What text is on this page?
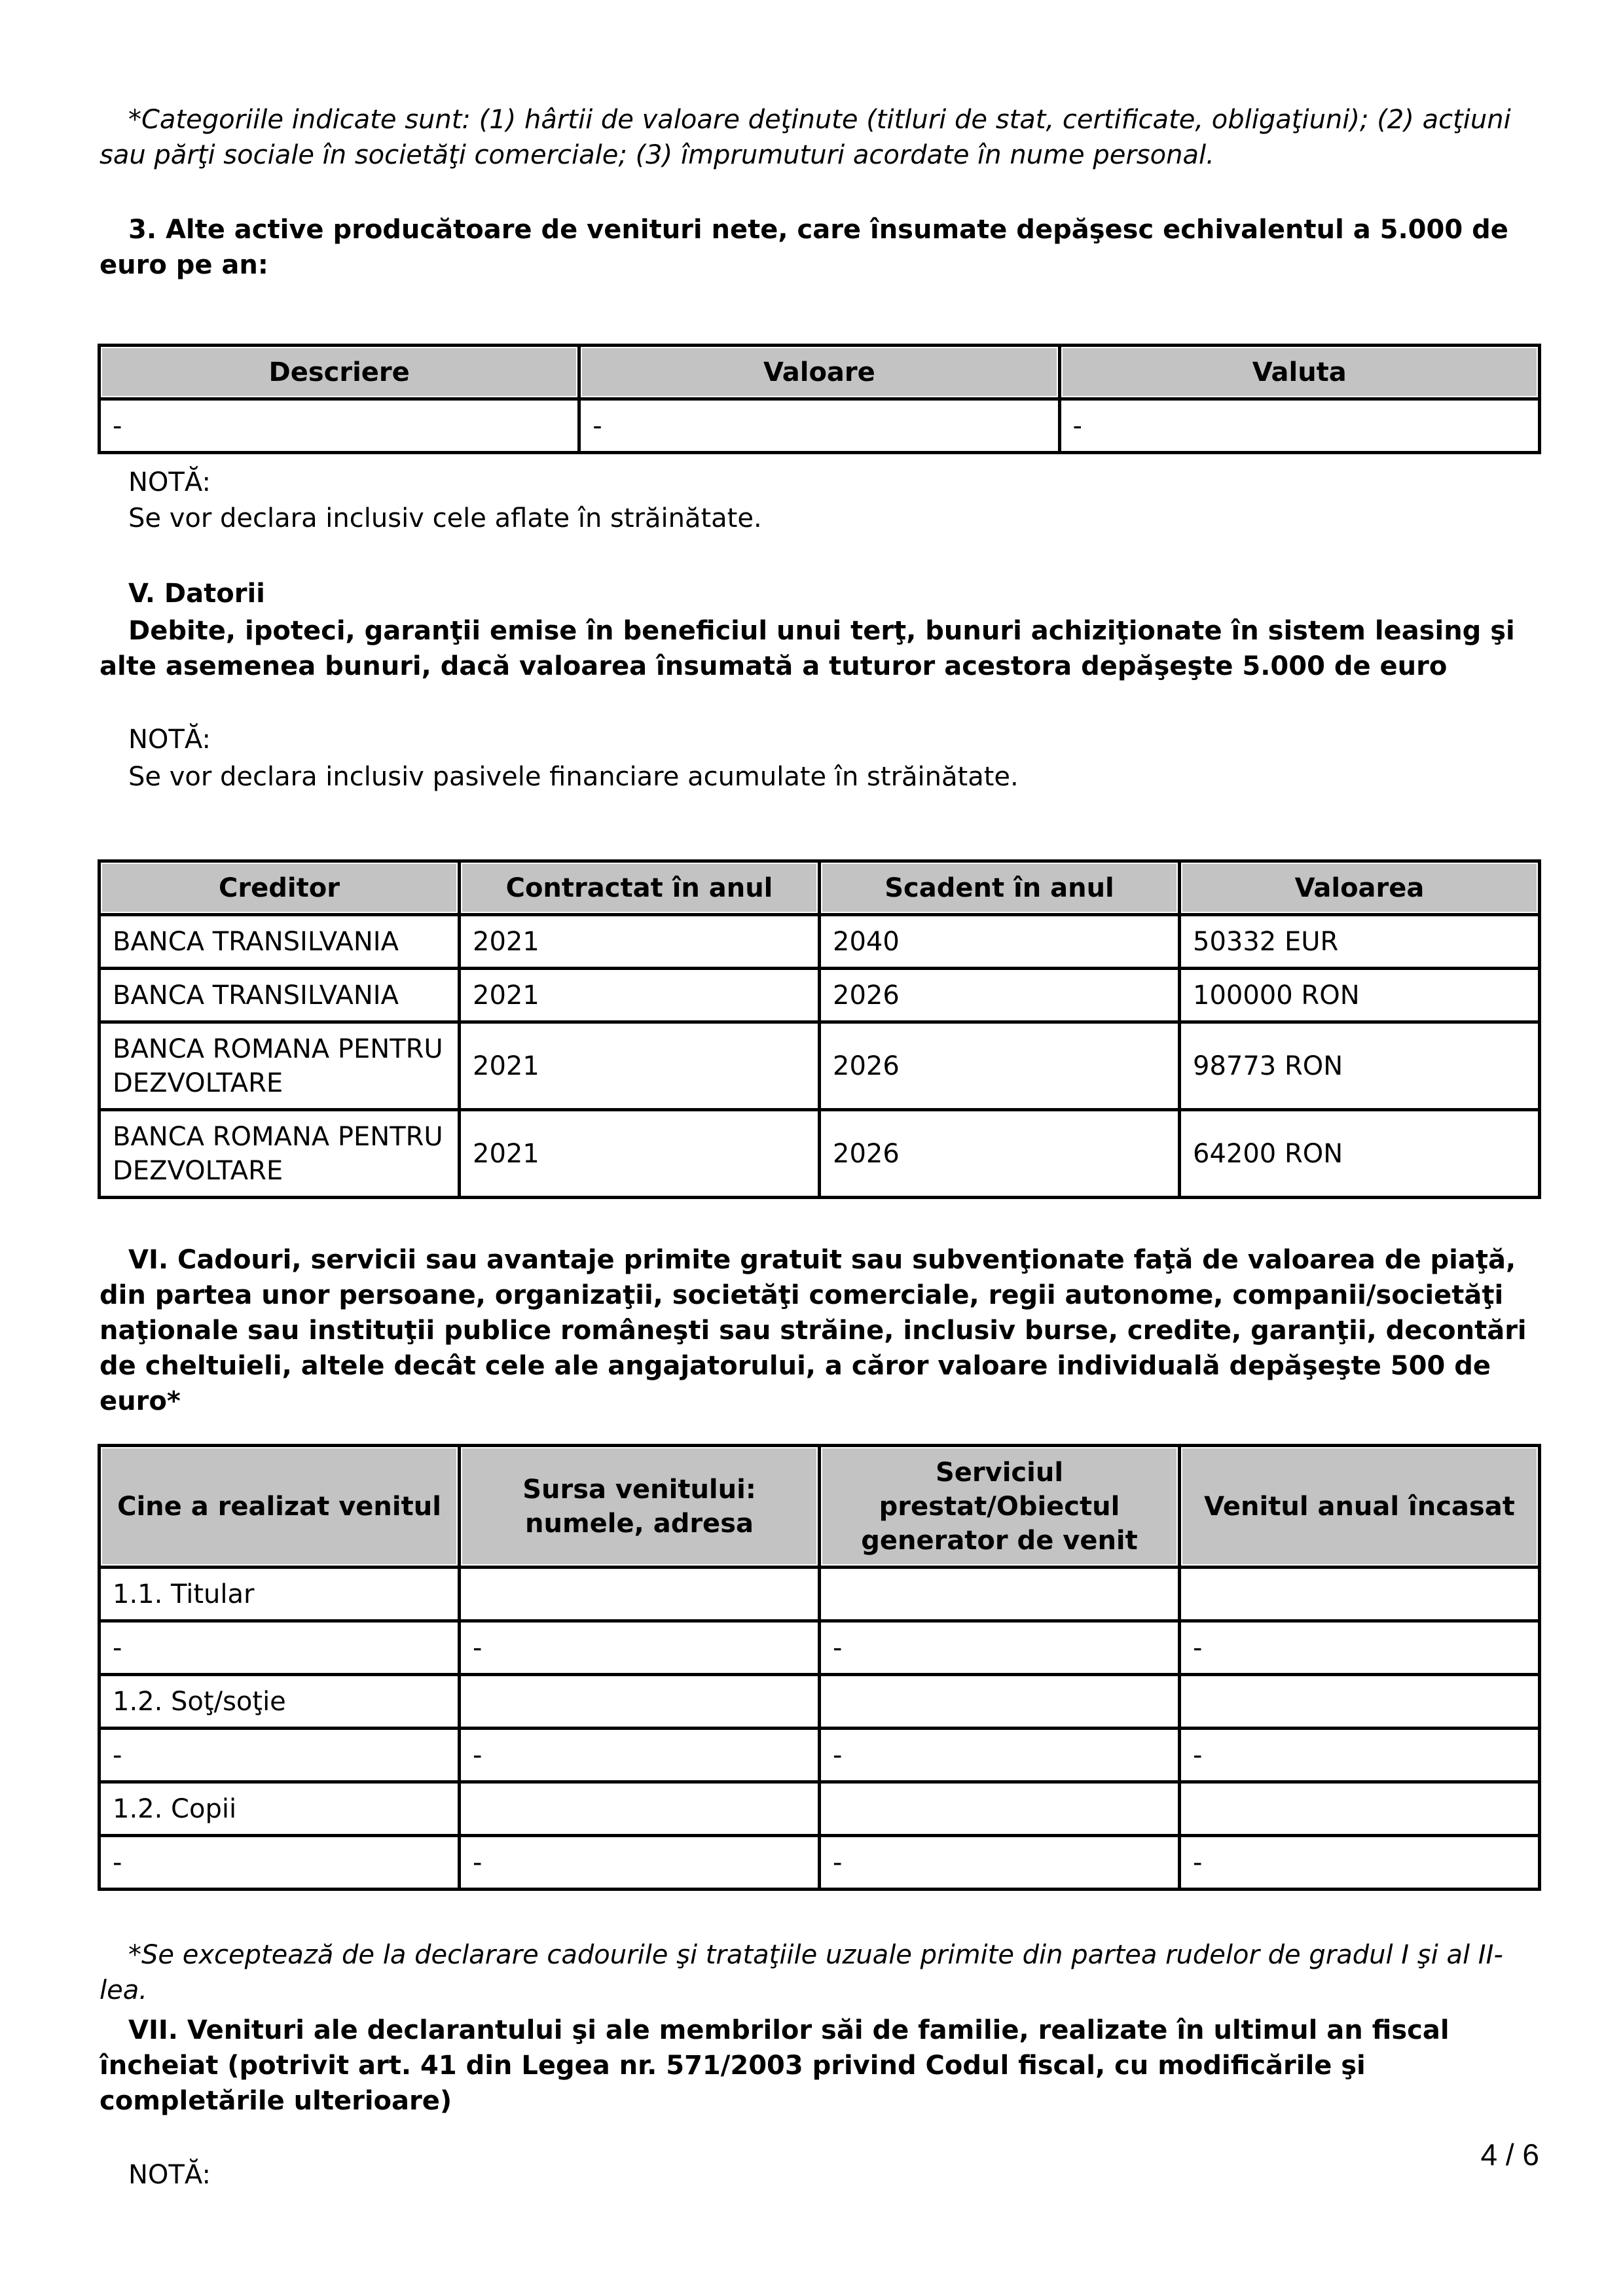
*Categoriile indicate sunt: (1) hârtii de valoare deţinute (titluri de stat, certificate, obligaţiuni); (2) acţiuni sau părţi sociale în societăţi comerciale; (3) împrumuturi acordate în nume personal.

3. Alte active producătoare de venituri nete, care însumate depăşesc echivalentul a 5.000 de euro pe an:

Descriere	Valoare	Valuta
-	-	-

NOTĂ:

Se vor declara inclusiv cele aflate în străinătate.

V. Datorii

Debite, ipoteci, garanţii emise în beneficiul unui terţ, bunuri achiziţionate în sistem leasing şi alte asemenea bunuri, dacă valoarea însumată a tuturor acestora depăşeşte 5.000 de euro

NOTĂ:

Se vor declara inclusiv pasivele financiare acumulate în străinătate.

Creditor	Contractat în anul	Scadent în anul	Valoarea
BANCA TRANSILVANIA	2021	2040	50332 EUR
BANCA TRANSILVANIA	2021	2026	100000 RON
BANCA ROMANA PENTRU DEZVOLTARE	2021	2026	98773 RON
BANCA ROMANA PENTRU DEZVOLTARE	2021	2026	64200 RON

VI. Cadouri, servicii sau avantaje primite gratuit sau subvenţionate faţă de valoarea de piaţă, din partea unor persoane, organizaţii, societăţi comerciale, regii autonome, companii/societăţi naţionale sau instituţii publice româneşti sau străine, inclusiv burse, credite, garanţii, decontări de cheltuieli, altele decât cele ale angajatorului, a căror valoare individuală depăşeşte 500 de euro*

Cine a realizat venitul	Sursa venitului: numele, adresa	Serviciul prestat/Obiectul generator de venit	Venitul anual încasat
1.1. Titular			
-	-	-	-
1.2. Soţ/soţie			
-	-	-	-
1.2. Copii			
-	-	-	-

*Se exceptează de la declarare cadourile şi trataţiile uzuale primite din partea rudelor de gradul I şi al II-lea.

VII. Venituri ale declarantului şi ale membrilor săi de familie, realizate în ultimul an fiscal încheiat (potrivit art. 41 din Legea nr. 571/2003 privind Codul fiscal, cu modificările şi completările ulterioare)

NOTĂ:

4 / 6
